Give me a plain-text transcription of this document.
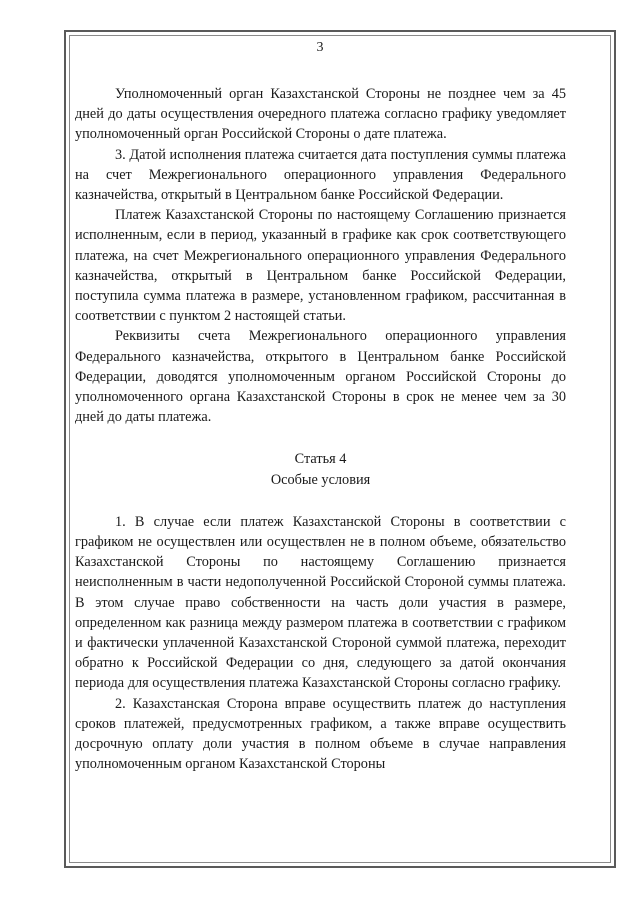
3

Уполномоченный орган Казахстанской Стороны не позднее чем за 45 дней до даты осуществления очередного платежа согласно графику уведомляет уполномоченный орган Российской Стороны о дате платежа.

3. Датой исполнения платежа считается дата поступления суммы платежа на счет Межрегионального операционного управления Федерального казначейства, открытый в Центральном банке Российской Федерации.

Платеж Казахстанской Стороны по настоящему Соглашению признается исполненным, если в период, указанный в графике как срок соответствующего платежа, на счет Межрегионального операционного управления Федерального казначейства, открытый в Центральном банке Российской Федерации, поступила сумма платежа в размере, установленном графиком, рассчитанная в соответствии с пунктом 2 настоящей статьи.

Реквизиты счета Межрегионального операционного управления Федерального казначейства, открытого в Центральном банке Российской Федерации, доводятся уполномоченным органом Российской Стороны до уполномоченного органа Казахстанской Стороны в срок не менее чем за 30 дней до даты платежа.

Статья 4
Особые условия

1. В случае если платеж Казахстанской Стороны в соответствии с графиком не осуществлен или осуществлен не в полном объеме, обязательство Казахстанской Стороны по настоящему Соглашению признается неисполненным в части недополученной Российской Стороной суммы платежа. В этом случае право собственности на часть доли участия в размере, определенном как разница между размером платежа в соответствии с графиком и фактически уплаченной Казахстанской Стороной суммой платежа, переходит обратно к Российской Федерации со дня, следующего за датой окончания периода для осуществления платежа Казахстанской Стороны согласно графику.

2. Казахстанская Сторона вправе осуществить платеж до наступления сроков платежей, предусмотренных графиком, а также вправе осуществить досрочную оплату доли участия в полном объеме в случае направления уполномоченным органом Казахстанской Стороны
